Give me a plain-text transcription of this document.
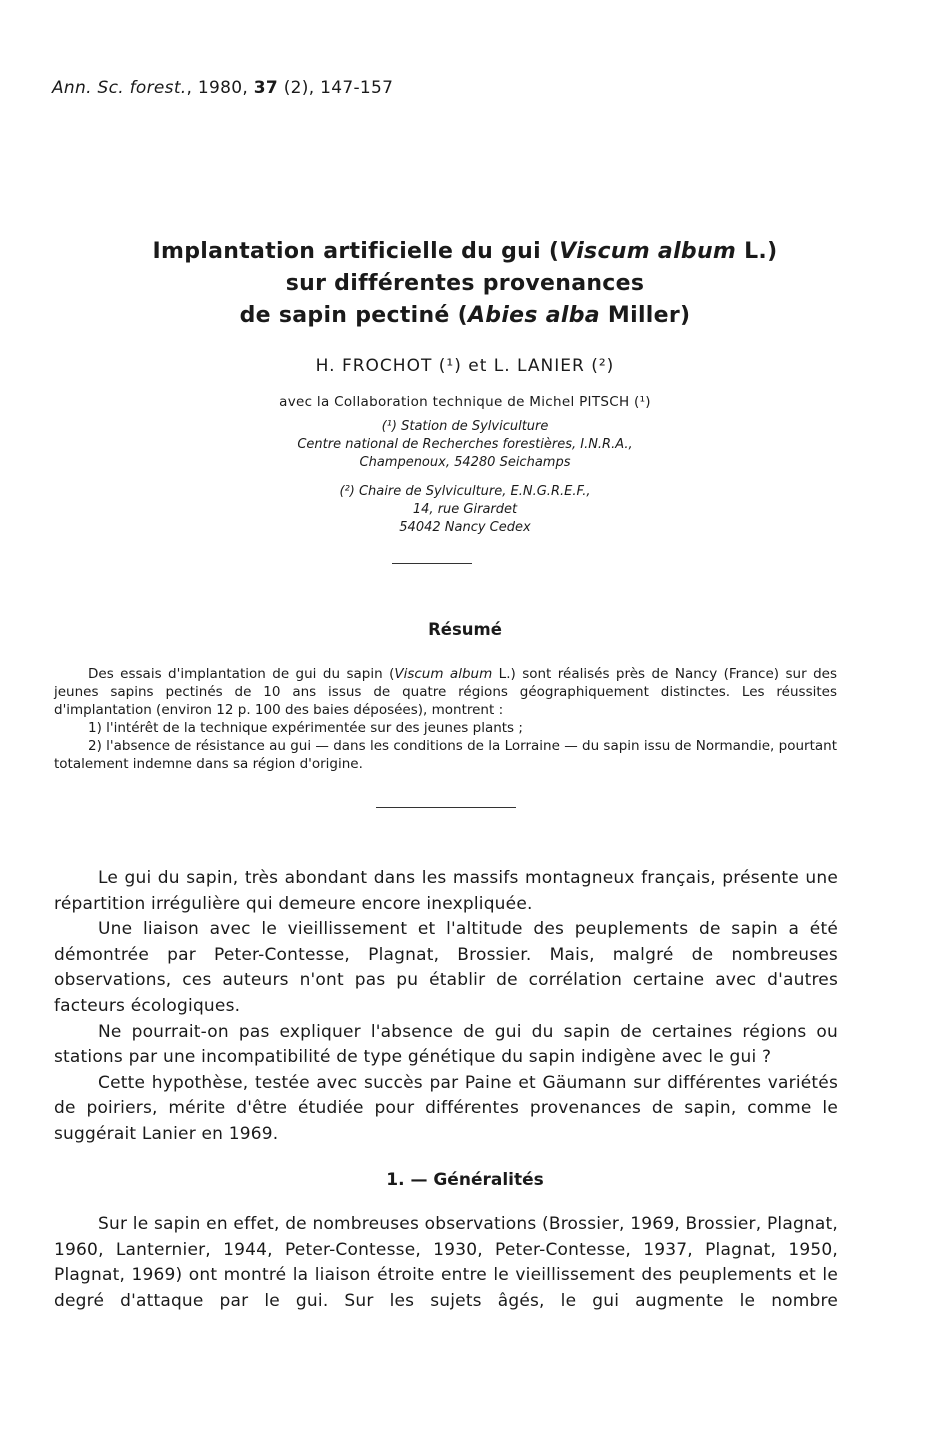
Ann. Sc. forest., 1980, 37 (2), 147-157
Implantation artificielle du gui (Viscum album L.)
sur différentes provenances
de sapin pectiné (Abies alba Miller)
H. FROCHOT (¹) et L. LANIER (²)
avec la Collaboration technique de Michel PITSCH (¹)
(¹) Station de Sylviculture
Centre national de Recherches forestières, I.N.R.A.,
Champenoux, 54280 Seichamps
(²) Chaire de Sylviculture, E.N.G.R.E.F.,
14, rue Girardet
54042 Nancy Cedex
Résumé

Des essais d'implantation de gui du sapin (Viscum album L.) sont réalisés près de Nancy (France) sur des jeunes sapins pectinés de 10 ans issus de quatre régions géographiquement distinctes. Les réussites d'implantation (environ 12 p. 100 des baies déposées), montrent :

1) l'intérêt de la technique expérimentée sur des jeunes plants ;

2) l'absence de résistance au gui — dans les conditions de la Lorraine — du sapin issu de Normandie, pourtant totalement indemne dans sa région d'origine.

Le gui du sapin, très abondant dans les massifs montagneux français, présente une répartition irrégulière qui demeure encore inexpliquée.

Une liaison avec le vieillissement et l'altitude des peuplements de sapin a été démontrée par Peter-Contesse, Plagnat, Brossier. Mais, malgré de nombreuses observations, ces auteurs n'ont pas pu établir de corrélation certaine avec d'autres facteurs écologiques.

Ne pourrait-on pas expliquer l'absence de gui du sapin de certaines régions ou stations par une incompatibilité de type génétique du sapin indigène avec le gui ?

Cette hypothèse, testée avec succès par Paine et Gäumann sur différentes variétés de poiriers, mérite d'être étudiée pour différentes provenances de sapin, comme le suggérait Lanier en 1969.

1. — Généralités

Sur le sapin en effet, de nombreuses observations (Brossier, 1969, Brossier, Plagnat, 1960, Lanternier, 1944, Peter-Contesse, 1930, Peter-Contesse, 1937, Plagnat, 1950, Plagnat, 1969) ont montré la liaison étroite entre le vieillissement des peuplements et le degré d'attaque par le gui. Sur les sujets âgés, le gui augmente le nombre
